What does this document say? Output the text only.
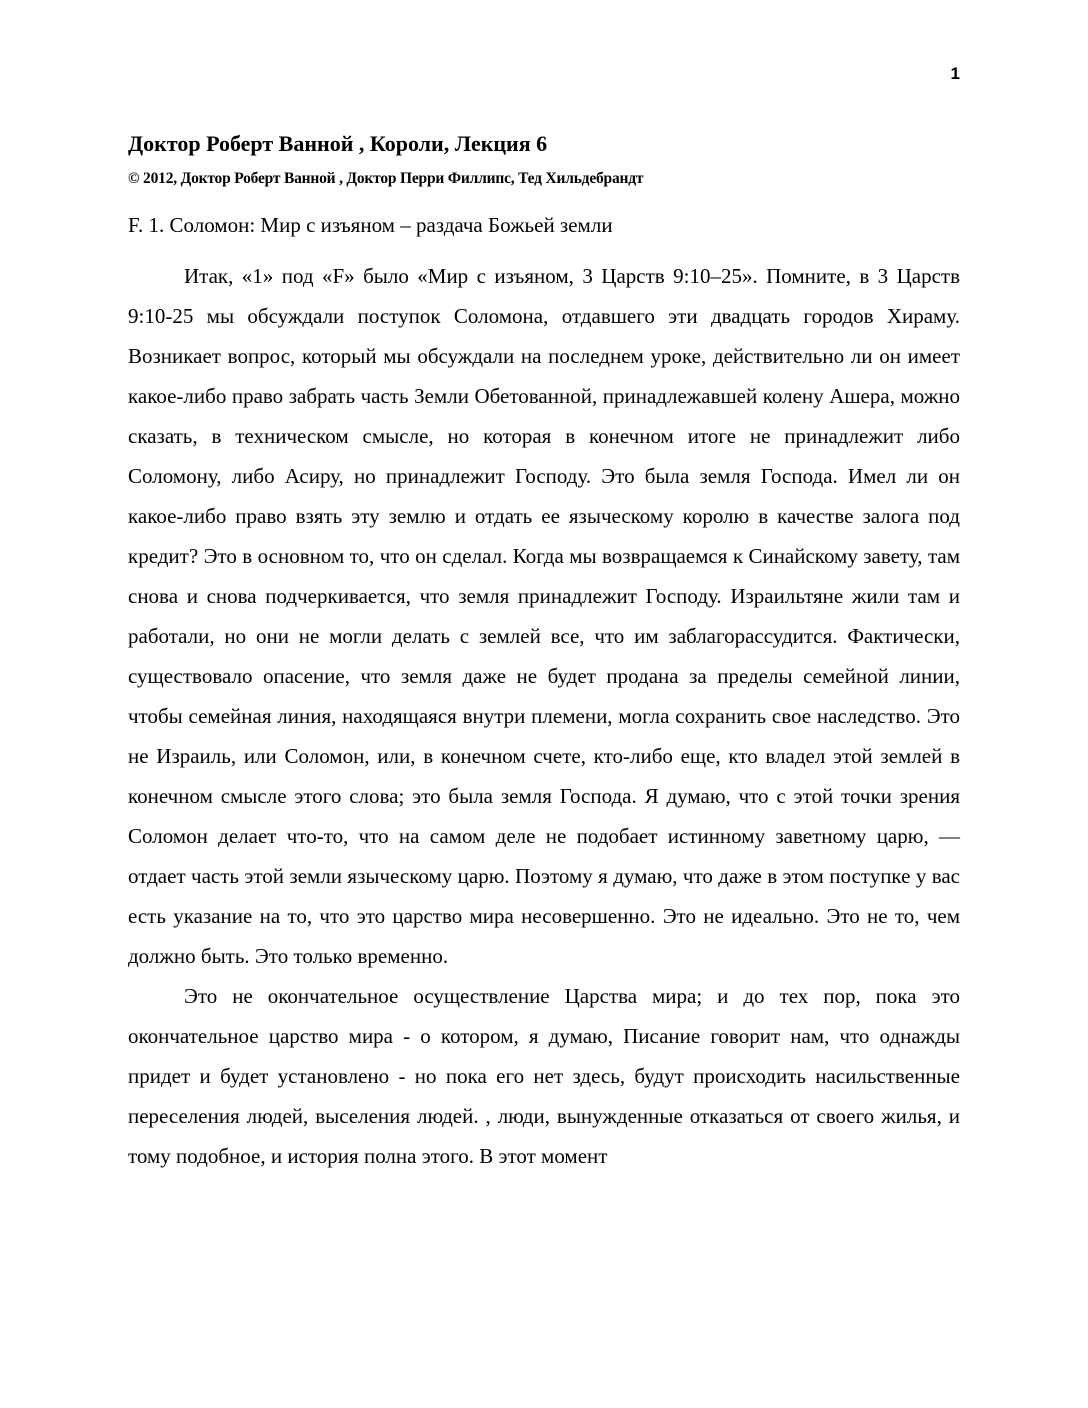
1
Доктор Роберт Ванной , Короли, Лекция 6

© 2012, Доктор Роберт Ванной , Доктор Перри Филлипс, Тед Хильдебрандт

F. 1. Соломон: Мир с изъяном – раздача Божьей земли

Итак, «1» под «F» было «Мир с изъяном, 3 Царств 9:10–25». Помните, в 3 Царств 9:10-25 мы обсуждали поступок Соломона, отдавшего эти двадцать городов Хираму. Возникает вопрос, который мы обсуждали на последнем уроке, действительно ли он имеет какое-либо право забрать часть Земли Обетованной, принадлежавшей колену Ашера, можно сказать, в техническом смысле, но которая в конечном итоге не принадлежит либо Соломону, либо Асиру, но принадлежит Господу. Это была земля Господа. Имел ли он какое-либо право взять эту землю и отдать ее языческому королю в качестве залога под кредит? Это в основном то, что он сделал. Когда мы возвращаемся к Синайскому завету, там снова и снова подчеркивается, что земля принадлежит Господу. Израильтяне жили там и работали, но они не могли делать с землей все, что им заблагорассудится. Фактически, существовало опасение, что земля даже не будет продана за пределы семейной линии, чтобы семейная линия, находящаяся внутри племени, могла сохранить свое наследство. Это не Израиль, или Соломон, или, в конечном счете, кто-либо еще, кто владел этой землей в конечном смысле этого слова; это была земля Господа. Я думаю, что с этой точки зрения Соломон делает что-то, что на самом деле не подобает истинному заветному царю, — отдает часть этой земли языческому царю. Поэтому я думаю, что даже в этом поступке у вас есть указание на то, что это царство мира несовершенно. Это не идеально. Это не то, чем должно быть. Это только временно.

Это не окончательное осуществление Царства мира; и до тех пор, пока это окончательное царство мира - о котором, я думаю, Писание говорит нам, что однажды придет и будет установлено - но пока его нет здесь, будут происходить насильственные переселения людей, выселения людей. , люди, вынужденные отказаться от своего жилья, и тому подобное, и история полна этого. В этот момент
